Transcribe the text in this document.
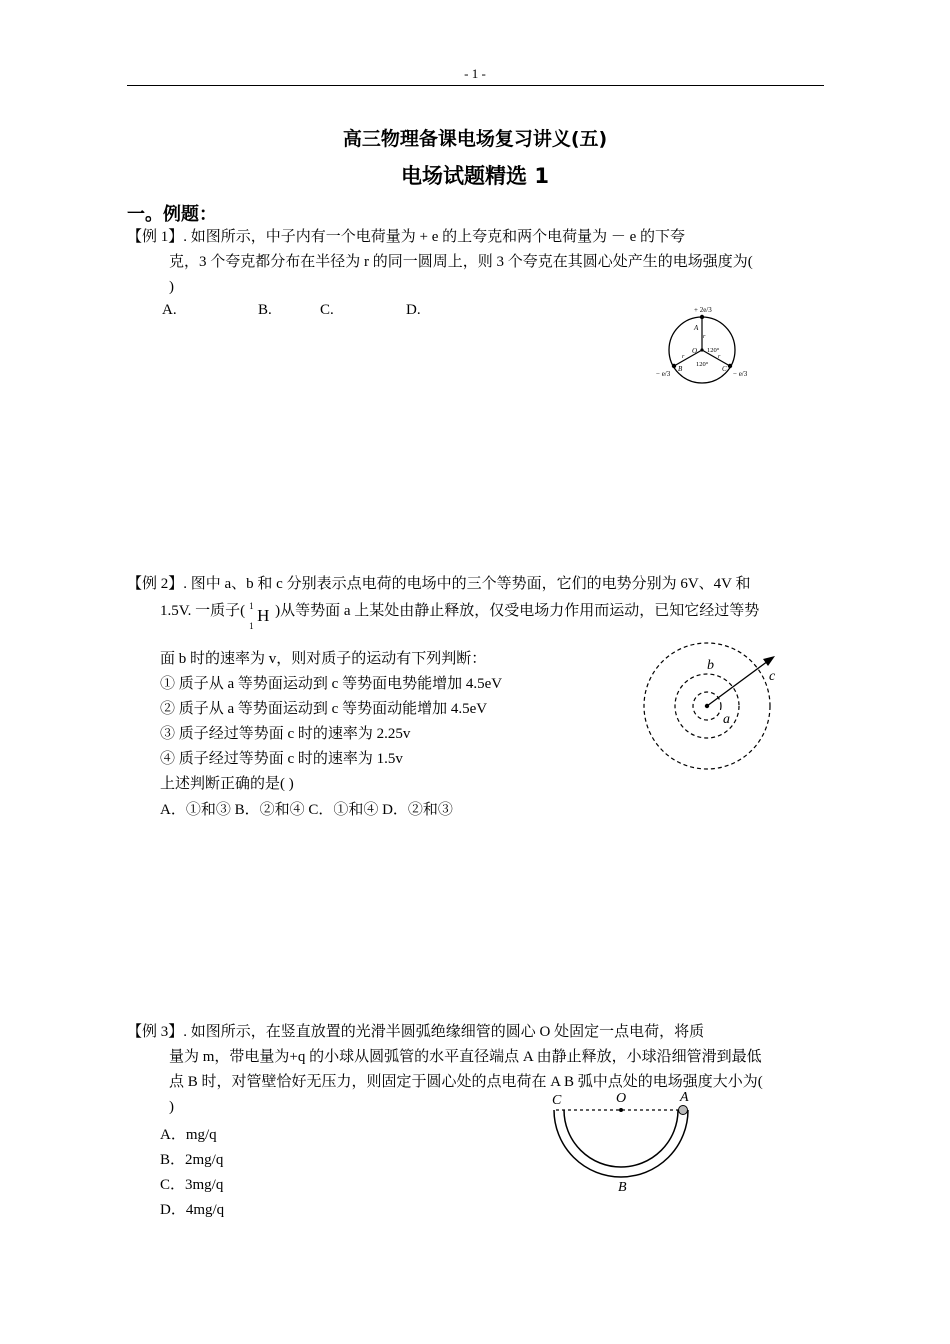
- 1 -
高三物理备课电场复习讲义(五)
电场试题精选 1
一。例题：
【例 1】. 如图所示，中子内有一个电荷量为 + e 的上夸克和两个电荷量为 － e 的下夸
克，3 个夸克都分布在半径为 r 的同一圆周上，则 3 个夸克在其圆心处产生的电场强度为(
)
A.	B.	C.	D.	+ 2e/3
A
O
r
r	r
120°
120°
B	C
− e/3	− e/3
【例 2】. 图中 a、b 和 c 分别表示点电荷的电场中的三个等势面，它们的电势分别为 6V、4V 和
1.5V. 一质子( 1
1
H )从等势面 a 上某处由静止释放，仅受电场力作用而运动，已知它经过等势
面 b 时的速率为 v，则对质子的运动有下列判断：
① 质子从 a 等势面运动到 c 等势面电势能增加 4.5eV
② 质子从 a 等势面运动到 c 等势面动能增加 4.5eV
③ 质子经过等势面 c 时的速率为 2.25v
④ 质子经过等势面 c 时的速率为 1.5v
上述判断正确的是( )
A．①和③ B．②和④ C．①和④ D．②和③
a
b
c
【例 3】. 如图所示，在竖直放置的光滑半圆弧绝缘细管的圆心 O 处固定一点电荷，将质
量为 m，带电量为+q 的小球从圆弧管的水平直径端点 A 由静止释放，小球沿细管滑到最低
点 B 时，对管壁恰好无压力，则固定于圆心处的点电荷在 A B 弧中点处的电场强度大小为(
)
A．mg/q
B．2mg/q
C．3mg/q
D．4mg/q
C	O	A
B
